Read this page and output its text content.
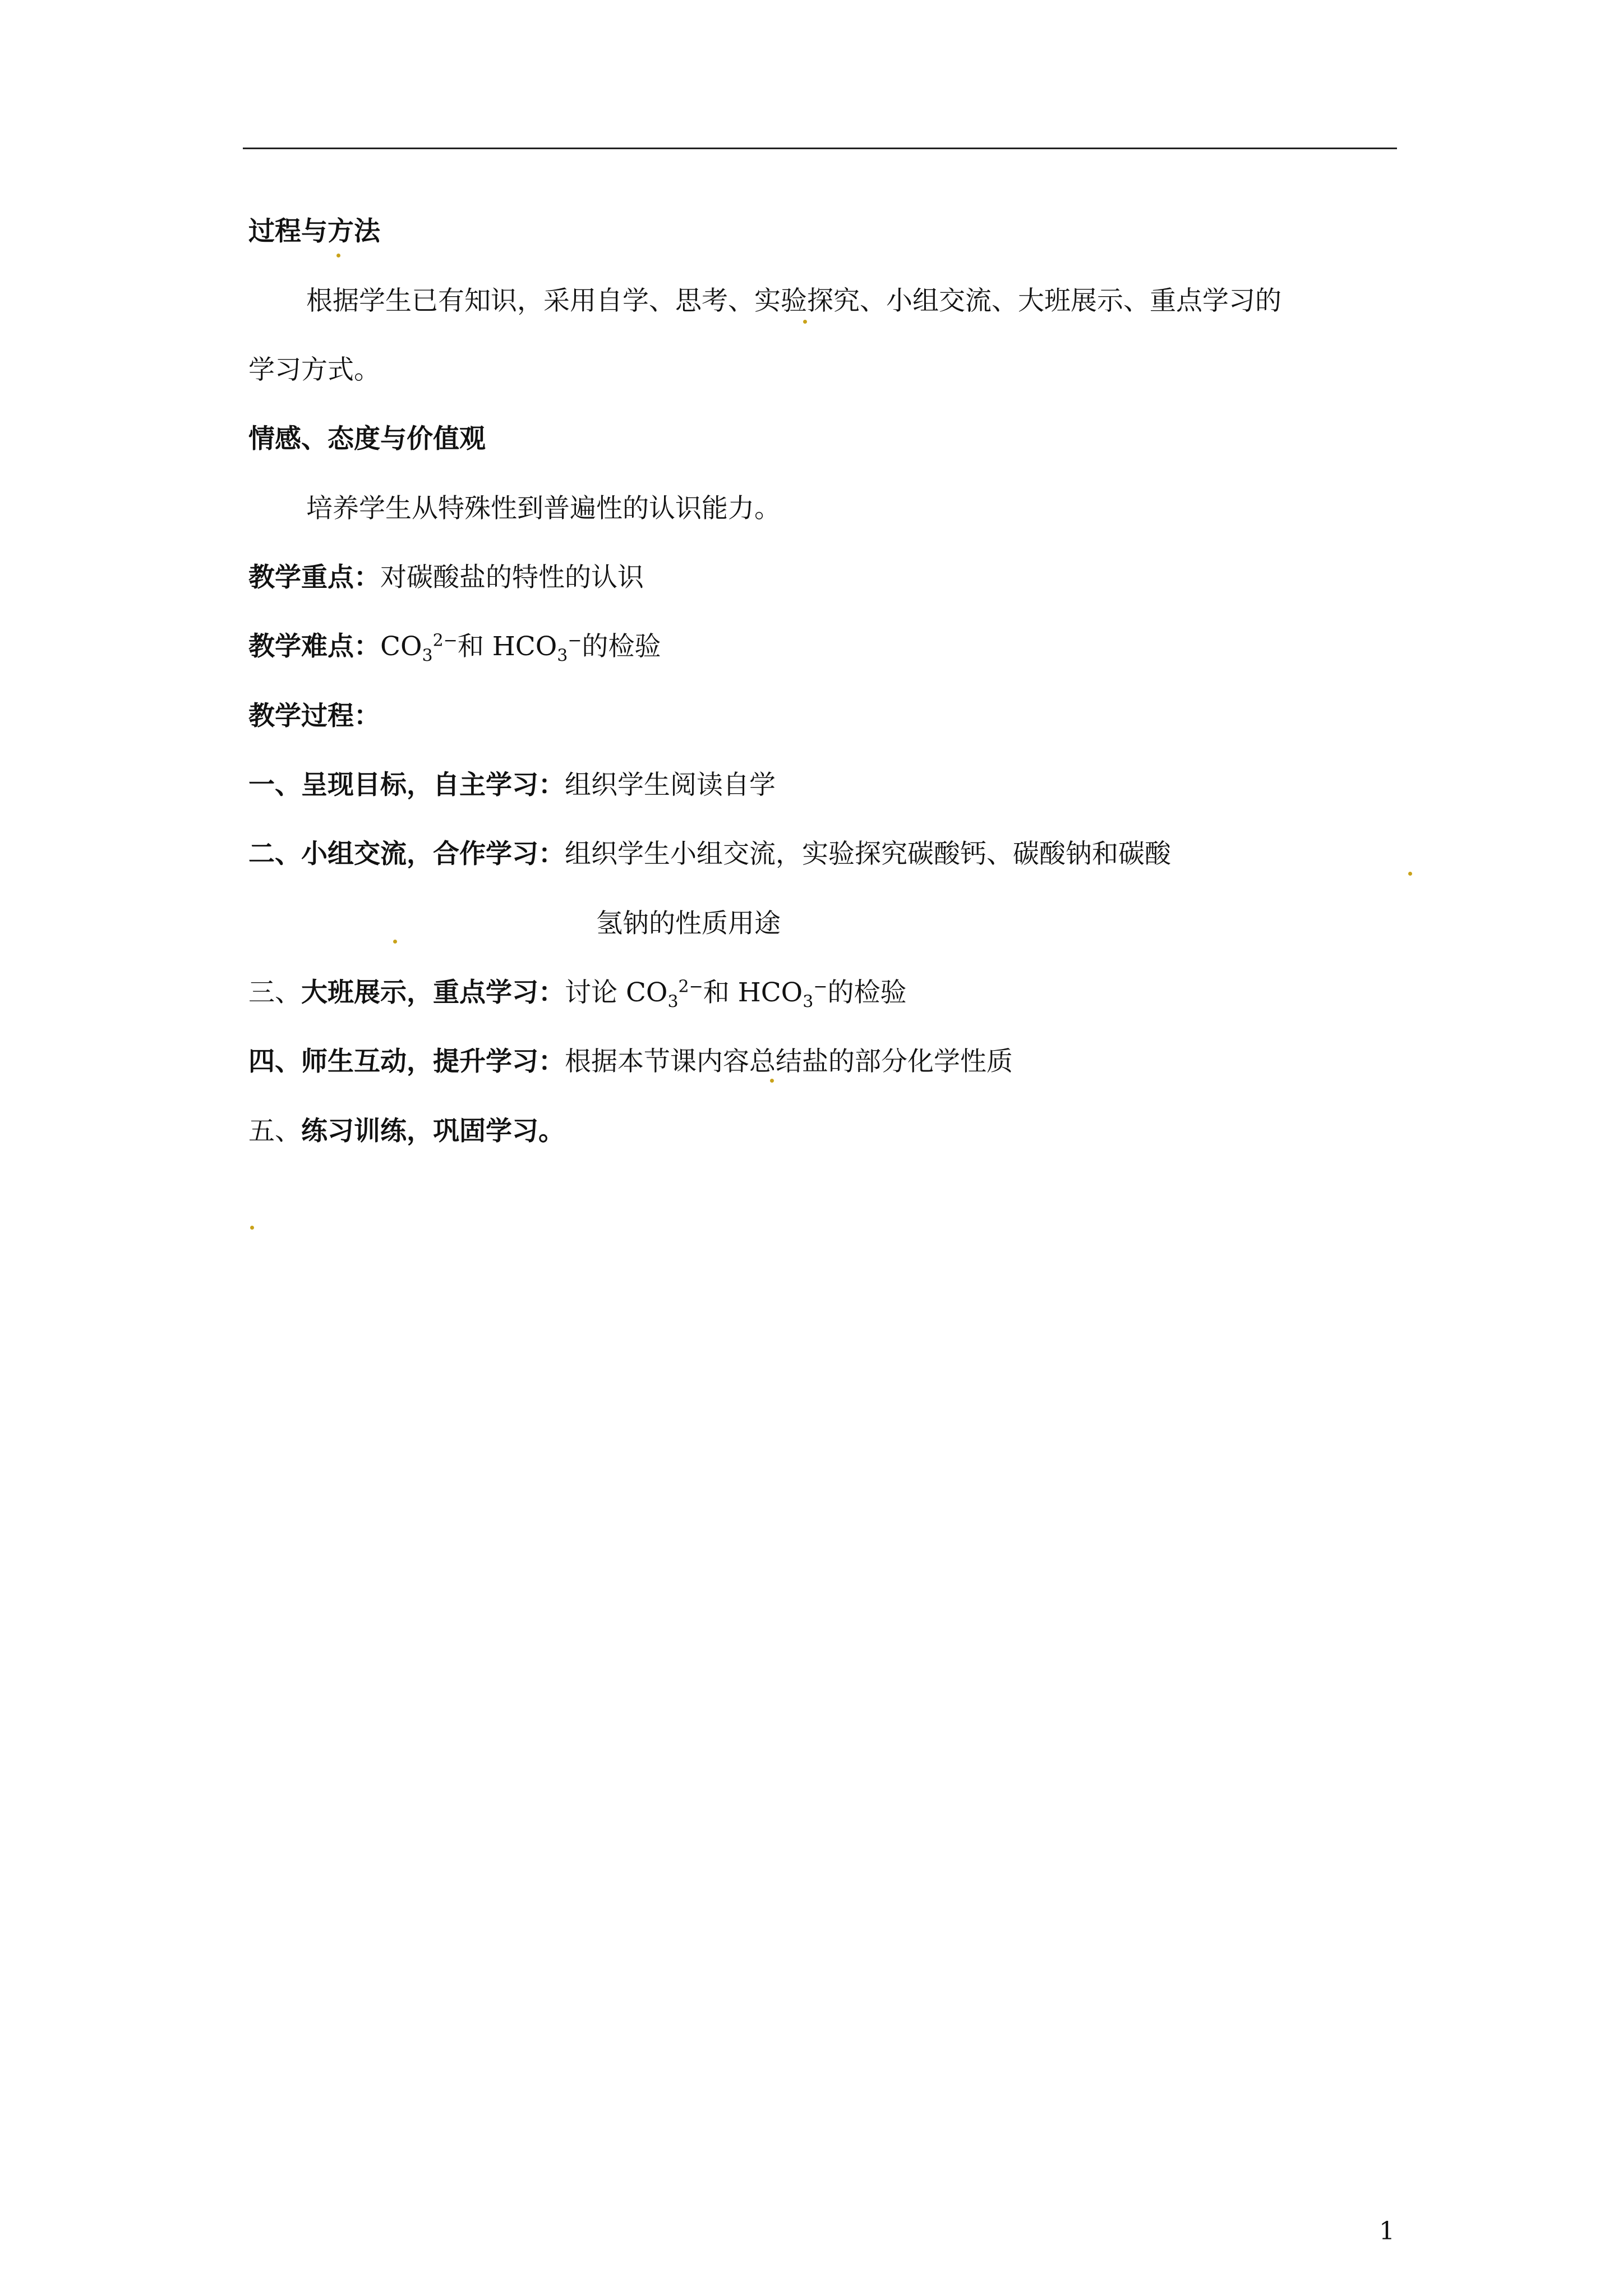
过程与方法
根据学生已有知识，采用自学、思考、实验探究、小组交流、大班展示、重点学习的
学习方式。
情感、态度与价值观
培养学生从特殊性到普遍性的认识能力。
教学重点：对碳酸盐的特性的认识
教学难点：$CO_3^{2-}$和 $HCO_3^-$的检验
教学过程：
一、呈现目标，自主学习：组织学生阅读自学
二、小组交流，合作学习：组织学生小组交流，实验探究碳酸钙、碳酸钠和碳酸
氢钠的性质用途
三、大班展示，重点学习：讨论 $CO_3^{2-}$和 $HCO_3^-$的检验
四、师生互动，提升学习：根据本节课内容总结盐的部分化学性质
五、练习训练，巩固学习。
1
